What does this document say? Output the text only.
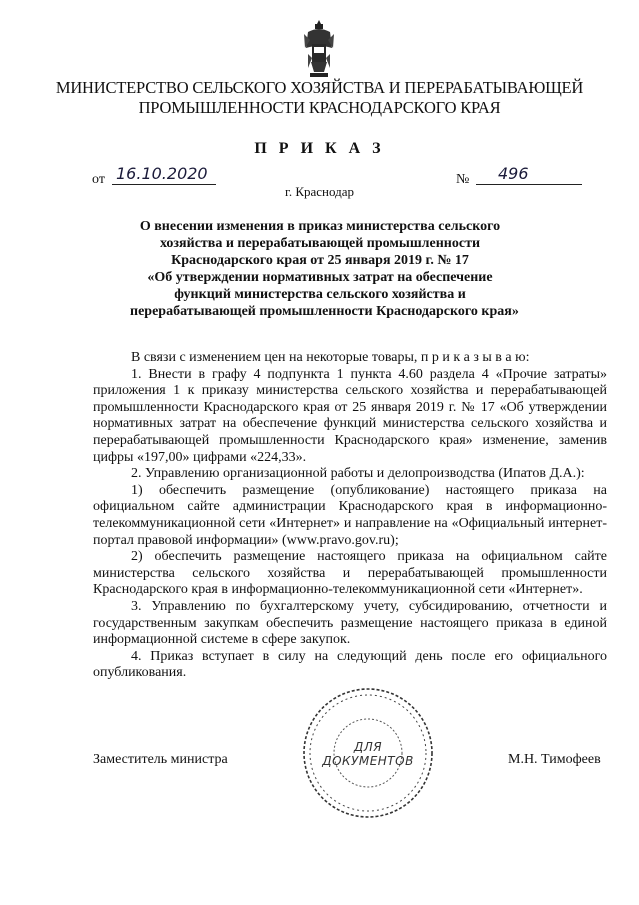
МИНИСТЕРСТВО СЕЛЬСКОГО ХОЗЯЙСТВА И ПЕРЕРАБАТЫВАЮЩЕЙ
ПРОМЫШЛЕННОСТИ КРАСНОДАРСКОГО КРАЯ
П Р И К А З
от 16.10.2020	№	496
г. Краснодар
О внесении изменения в приказ министерства сельского
хозяйства и перерабатывающей промышленности
Краснодарского края от 25 января 2019 г. № 17
«Об утверждении нормативных затрат на обеспечение
функций министерства сельского хозяйства и
перерабатывающей промышленности Краснодарского края»

В связи с изменением цен на некоторые товары, п р и к а з ы в а ю:

1. Внести в графу 4 подпункта 1 пункта 4.60 раздела 4 «Прочие затраты» приложения 1 к приказу министерства сельского хозяйства и перерабатывающей промышленности Краснодарского края от 25 января 2019 г. № 17 «Об утверждении нормативных затрат на обеспечение функций министерства сельского хозяйства и перерабатывающей промышленности Краснодарского края» изменение, заменив цифры «197,00» цифрами «224,33».

2. Управлению организационной работы и делопроизводства (Ипатов Д.А.):

1) обеспечить размещение (опубликование) настоящего приказа на официальном сайте администрации Краснодарского края в информационно-телекоммуникационной сети «Интернет» и направление на «Официальный интернет-портал правовой информации» (www.pravo.gov.ru);

2) обеспечить размещение настоящего приказа на официальном сайте министерства сельского хозяйства и перерабатывающей промышленности Краснодарского края в информационно-телекоммуникационной сети «Интернет».

3. Управлению по бухгалтерскому учету, субсидированию, отчетности и государственным закупкам обеспечить размещение настоящего приказа в единой информационной системе в сфере закупок.

4. Приказ вступает в силу на следующий день после его официального опубликования.

ДЛЯ
ДОКУМЕНТОВ
Заместитель министра	М.Н. Тимофеев
